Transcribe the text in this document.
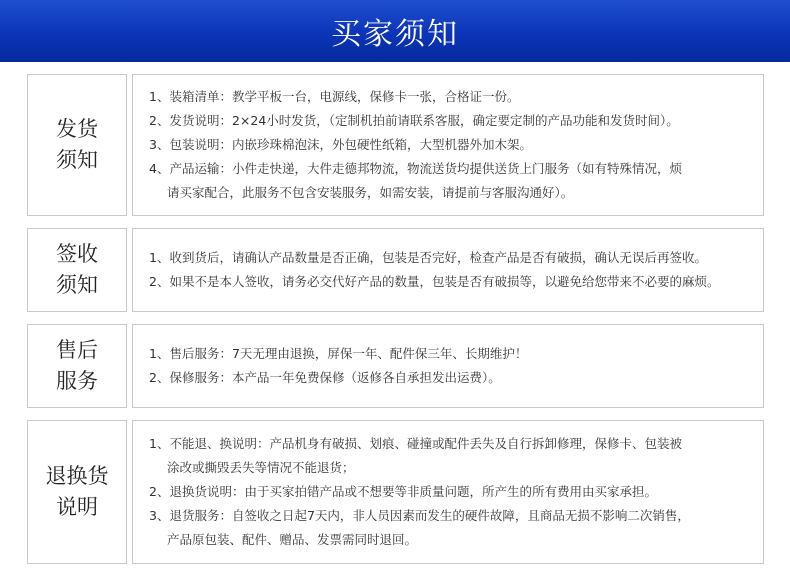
买家须知
发货
须知
1、装箱清单：教学平板一台，电源线，保修卡一张，合格证一份。
2、发货说明：2×24小时发货，（定制机拍前请联系客服，确定要定制的产品功能和发货时间）。
3、包装说明：内嵌珍珠棉泡沫，外包硬性纸箱，大型机器外加木架。
4、产品运输：小件走快递，大件走德邦物流，物流送货均提供送货上门服务（如有特殊情况，烦
请买家配合，此服务不包含安装服务，如需安装，请提前与客服沟通好）。
签收
须知
1、收到货后，请确认产品数量是否正确，包装是否完好，检查产品是否有破损，确认无误后再签收。
2、如果不是本人签收，请务必交代好产品的数量，包装是否有破损等，以避免给您带来不必要的麻烦。
售后
服务
1、售后服务：7天无理由退换，屏保一年、配件保三年、长期维护！
2、保修服务：本产品一年免费保修（返修各自承担发出运费）。
退换货
说明
1、不能退、换说明：产品机身有破损、划痕、碰撞或配件丢失及自行拆卸修理，保修卡、包装被
涂改或撕毁丢失等情况不能退货；
2、退换货说明：由于买家拍错产品或不想要等非质量问题，所产生的所有费用由买家承担。
3、退货服务：自签收之日起7天内，非人员因素而发生的硬件故障，且商品无损不影响二次销售，
产品原包装、配件、赠品、发票需同时退回。
